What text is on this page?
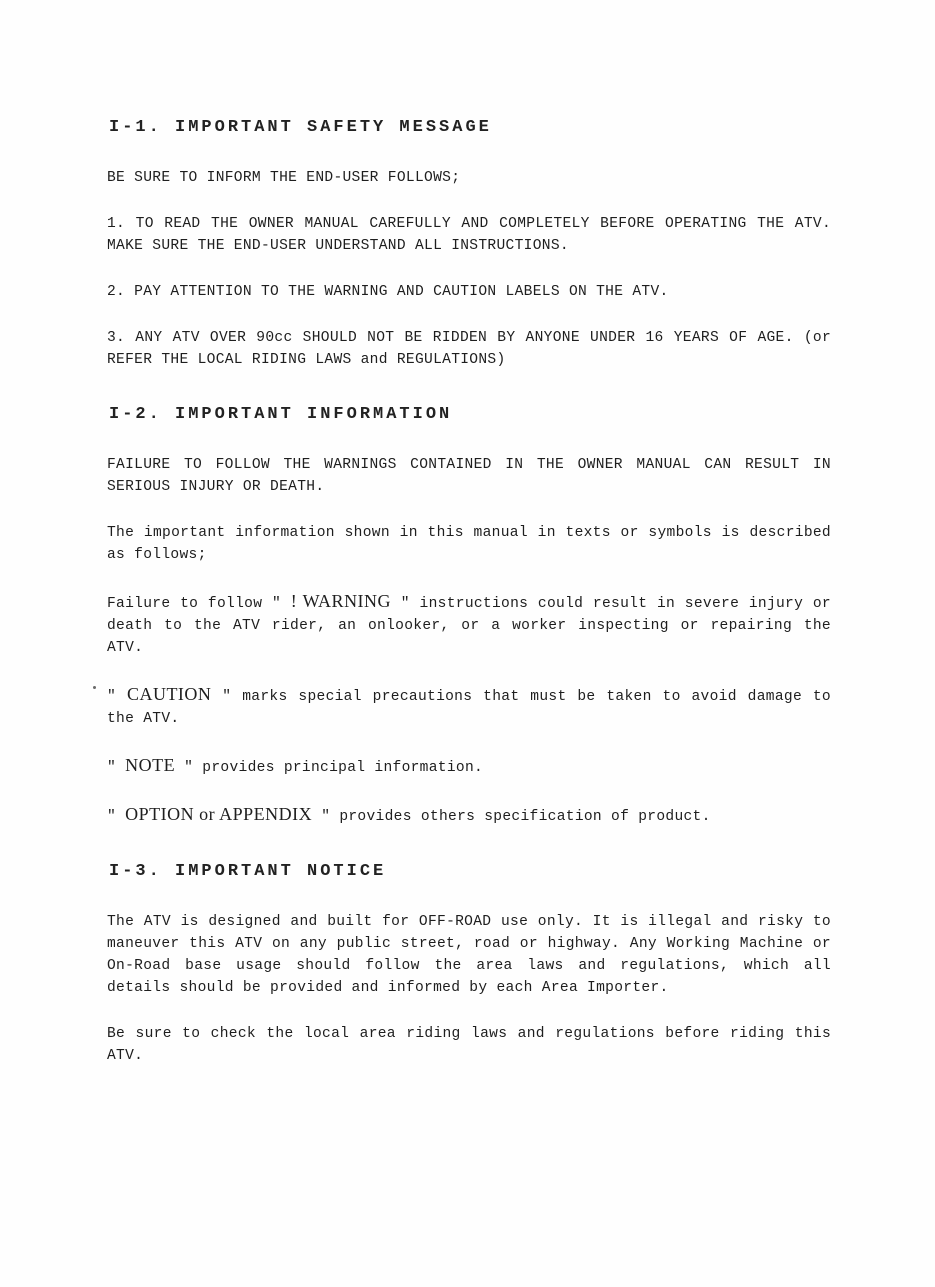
I-1. IMPORTANT SAFETY MESSAGE

BE SURE TO INFORM THE END-USER FOLLOWS;

1. TO READ THE OWNER MANUAL CAREFULLY AND COMPLETELY BEFORE OPERATING THE ATV. MAKE SURE THE END-USER UNDERSTAND ALL INSTRUCTIONS.

2. PAY ATTENTION TO THE WARNING AND CAUTION LABELS ON THE ATV.

3. ANY ATV OVER 90cc SHOULD NOT BE RIDDEN BY ANYONE UNDER 16 YEARS OF AGE. (or REFER THE LOCAL RIDING LAWS and REGULATIONS)

I-2. IMPORTANT INFORMATION

FAILURE TO FOLLOW THE WARNINGS CONTAINED IN THE OWNER MANUAL CAN RESULT IN SERIOUS INJURY OR DEATH.

The important information shown in this manual in texts or symbols is described as follows;

Failure to follow " ! WARNING " instructions could result in severe injury or death to the ATV rider, an onlooker, or a worker inspecting or repairing the ATV.

" CAUTION " marks special precautions that must be taken to avoid damage to the ATV.

" NOTE " provides principal information.

" OPTION or APPENDIX " provides others specification of product.

I-3. IMPORTANT NOTICE

The ATV is designed and built for OFF-ROAD use only. It is illegal and risky to maneuver this ATV on any public street, road or highway. Any Working Machine or On-Road base usage should follow the area laws and regulations, which all details should be provided and informed by each Area Importer.

Be sure to check the local area riding laws and regulations before riding this ATV.
